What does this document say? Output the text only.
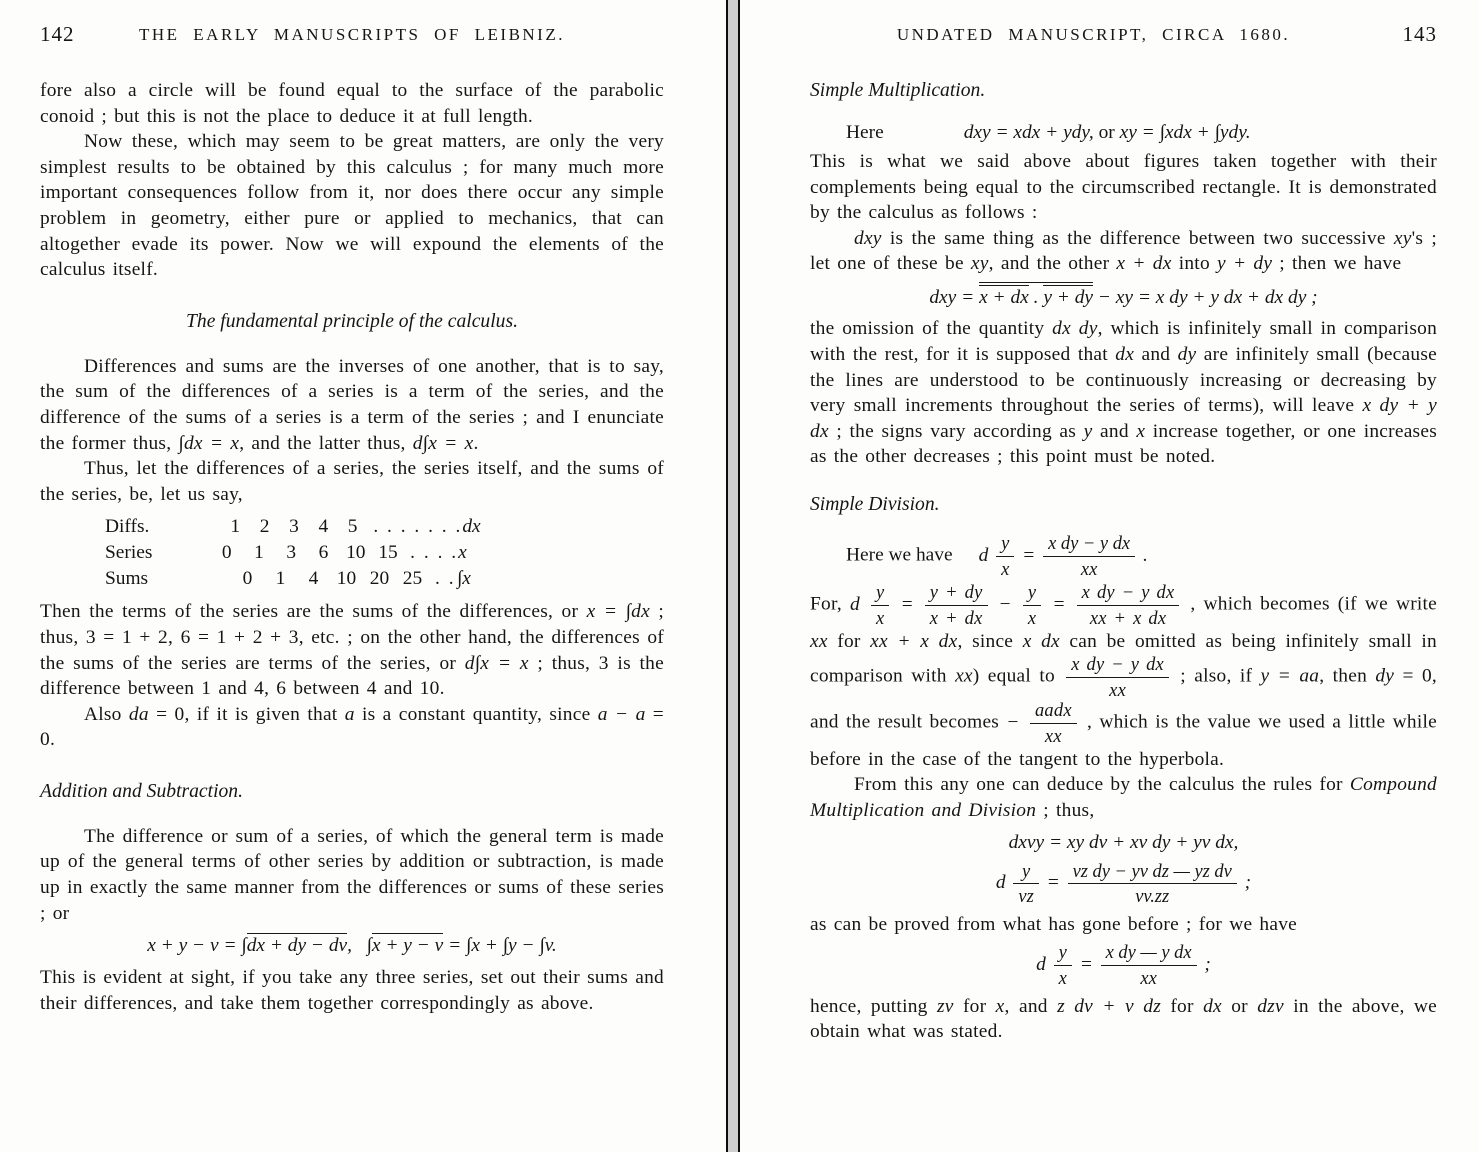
142	THE EARLY MANUSCRIPTS OF LEIBNIZ.

fore also a circle will be found equal to the surface of the parabolic conoid ; but this is not the place to deduce it at full length.

Now these, which may seem to be great matters, are only the very simplest results to be obtained by this calculus ; for many much more important consequences follow from it, nor does there occur any simple problem in geometry, either pure or applied to mechanics, that can altogether evade its power. Now we will expound the elements of the calculus itself.

The fundamental principle of the calculus.

Differences and sums are the inverses of one another, that is to say, the sum of the differences of a series is a term of the series, and the difference of the sums of a series is a term of the series ; and I enunciate the former thus, ∫dx = x, and the latter thus, d∫x = x.

Thus, let the differences of a series, the series itself, and the sums of the series, be, let us say,

Diffs.	1	2	3	4	5 . . . . . . . dx
Series	0	1	3	6 10 15 . . . . x
Sums	0	1	4 10 20 25 . . ∫x

Then the terms of the series are the sums of the differences, or x = ∫dx ; thus, 3 = 1 + 2, 6 = 1 + 2 + 3, etc. ; on the other hand, the differences of the sums of the series are terms of the series, or d∫x = x ; thus, 3 is the difference between 1 and 4, 6 between 4 and 10.

Also da = 0, if it is given that a is a constant quantity, since a − a = 0.

Addition and Subtraction.

The difference or sum of a series, of which the general term is made up of the general terms of other series by addition or subtraction, is made up in exactly the same manner from the differences or sums of these series ; or

x + y − v = ∫dx + dy − dv,  ∫x + y − v = ∫x + ∫y − ∫v.

This is evident at sight, if you take any three series, set out their sums and their differences, and take them together correspondingly as above.

UNDATED MANUSCRIPT, CIRCA 1680.	143
Simple Multiplication.
Here	dxy = xdx + ydy, or xy = ∫xdx + ∫ydy.

This is what we said above about figures taken together with their complements being equal to the circumscribed rectangle. It is demonstrated by the calculus as follows :

dxy is the same thing as the difference between two successive xy's ; let one of these be xy, and the other x + dx into y + dy ; then we have

dxy = x + dx . y + dy − xy = x dy + y dx + dx dy ;

the omission of the quantity dx dy, which is infinitely small in comparison with the rest, for it is supposed that dx and dy are infinitely small (because the lines are understood to be continuously increasing or decreasing by very small increments throughout the series of terms), will leave x dy + y dx ; the signs vary according as y and x increase together, or one increases as the other decreases ; this point must be noted.

Simple Division.
Here we have d $\frac{y}{x} = \frac{\text{x dy − y dx}}{xx}$ .

For, d $\frac{y}{x} = \frac{y + dy}{x + dx} - \frac{y}{x} = \frac{\text{x dy − y dx}}{\text{xx + x dx}}$ , which becomes (if we write xx for xx + x dx, since x dx can be omitted as being infinitely small in comparison with xx) equal to $\frac{\text{x dy − y dx}}{xx}$ ; also, if y = aa, then dy = 0, and the result becomes − $\frac{\text{aadx}}{xx}$ , which is the value we used a little while before in the case of the tangent to the hyperbola.

From this any one can deduce by the calculus the rules for Compound Multiplication and Division ; thus,

dxvy = xy dv + xv dy + yv dx,
d $\frac{y}{vz} = \frac{\text{vz dy − yv dz — yz dv}}{vv.zz}$ ;

as can be proved from what has gone before ; for we have

d $\frac{y}{x} = \frac{\text{x dy — y dx}}{xx}$ ;

hence, putting zv for x, and z dv + v dz for dx or dzv in the above, we obtain what was stated.
